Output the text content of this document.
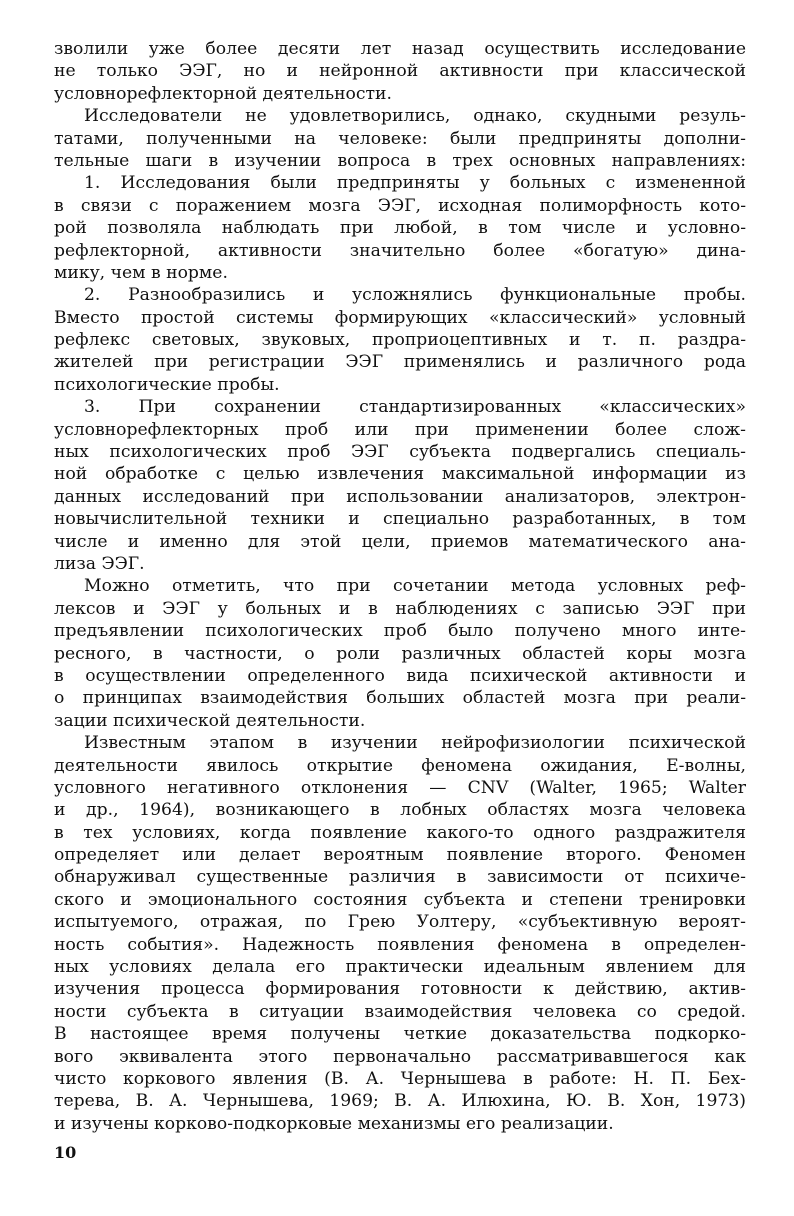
зволили уже более десяти лет назад осуществить исследование
не только ЭЭГ, но и нейронной активности при классической
условнорефлекторной деятельности.
Исследователи не удовлетворились, однако, скудными резуль-
татами, полученными на человеке: были предприняты дополни-
тельные шаги в изучении вопроса в трех основных направлениях:
1. Исследования были предприняты у больных с измененной
в связи с поражением мозга ЭЭГ, исходная полиморфность кото-
рой позволяла наблюдать при любой, в том числе и условно-
рефлекторной, активности значительно более «богатую» дина-
мику, чем в норме.
2. Разнообразились и усложнялись функциональные пробы.
Вместо простой системы формирующих «классический» условный
рефлекс световых, звуковых, проприоцептивных и т. п. раздра-
жителей при регистрации ЭЭГ применялись и различного рода
психологические пробы.
3. При сохранении стандартизированных «классических»
условнорефлекторных проб или при применении более слож-
ных психологических проб ЭЭГ субъекта подвергались специаль-
ной обработке с целью извлечения максимальной информации из
данных исследований при использовании анализаторов, электрон-
новычислительной техники и специально разработанных, в том
числе и именно для этой цели, приемов математического ана-
лиза ЭЭГ.
Можно отметить, что при сочетании метода условных реф-
лексов и ЭЭГ у больных и в наблюдениях с записью ЭЭГ при
предъявлении психологических проб было получено много инте-
ресного, в частности, о роли различных областей коры мозга
в осуществлении определенного вида психической активности и
о принципах взаимодействия больших областей мозга при реали-
зации психической деятельности.
Известным этапом в изучении нейрофизиологии психической
деятельности явилось открытие феномена ожидания, Е-волны,
условного негативного отклонения — CNV (Walter, 1965; Walter
и др., 1964), возникающего в лобных областях мозга человека
в тех условиях, когда появление какого-то одного раздражителя
определяет или делает вероятным появление второго. Феномен
обнаруживал существенные различия в зависимости от психиче-
ского и эмоционального состояния субъекта и степени тренировки
испытуемого, отражая, по Грею Уолтеру, «субъективную вероят-
ность события». Надежность появления феномена в определен-
ных условиях делала его практически идеальным явлением для
изучения процесса формирования готовности к действию, актив-
ности субъекта в ситуации взаимодействия человека со средой.
В настоящее время получены четкие доказательства подкорко-
вого эквивалента этого первоначально рассматривавшегося как
чисто коркового явления (В. А. Чернышева в работе: Н. П. Бех-
терева, В. А. Чернышева, 1969; В. А. Илюхина, Ю. В. Хон, 1973)
и изучены корково-подкорковые механизмы его реализации.
10
